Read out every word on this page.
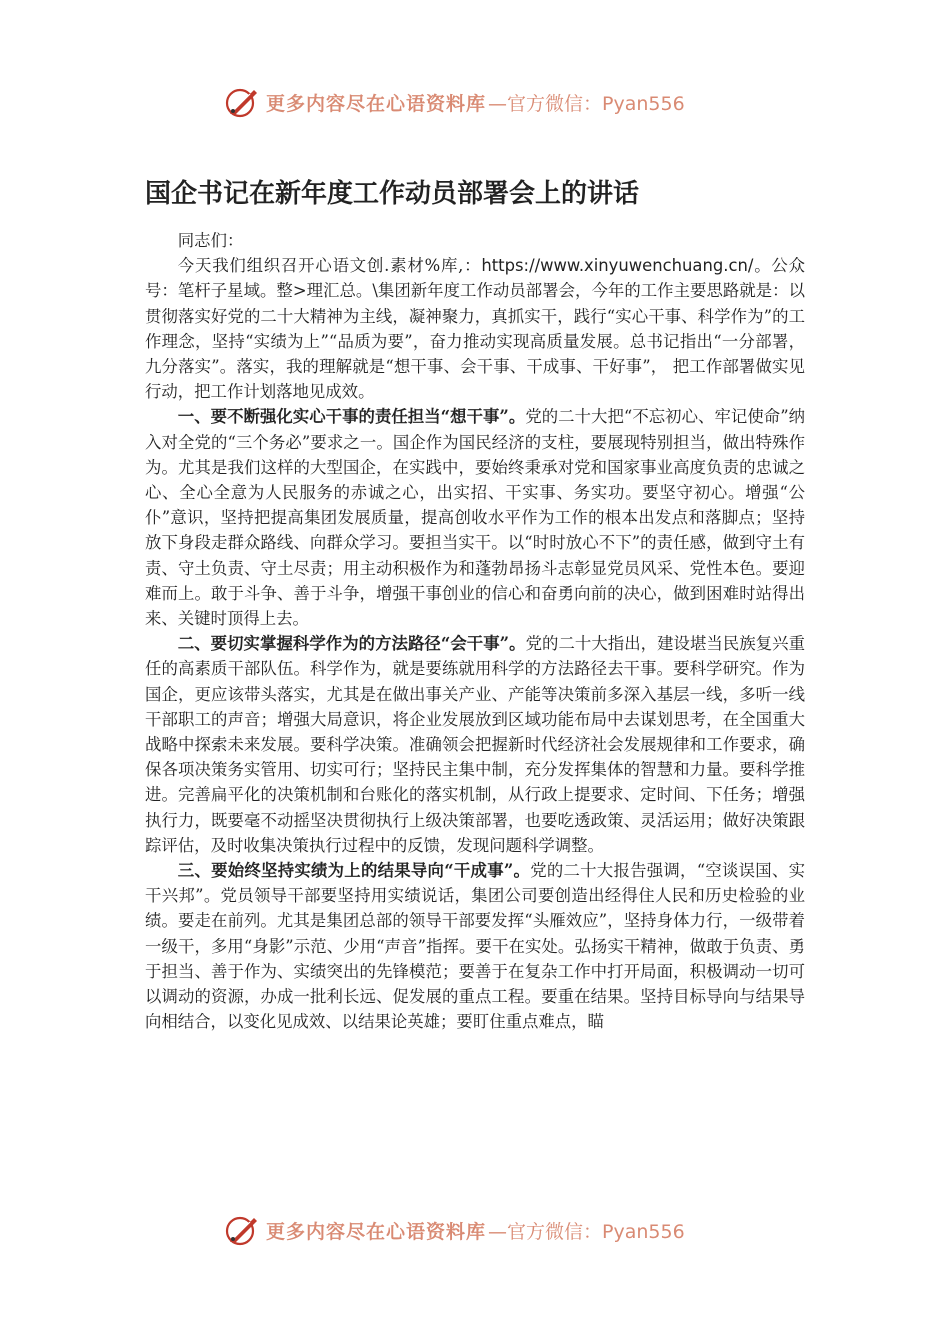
更多内容尽在心语资料库 —官方微信：Pyan556
国企书记在新年度工作动员部署会上的讲话

同志们：

今天我们组织召开心语文创.素材%库,：https://www.xinyuwenchuang.cn/。公众号：笔杆子星域。整>理汇总。\集团新年度工作动员部署会，今年的工作主要思路就是：以贯彻落实好党的二十大精神为主线，凝神聚力，真抓实干，践行“实心干事、科学作为”的工作理念，坚持“实绩为上”“品质为要”，奋力推动实现高质量发展。总书记指出“一分部署，九分落实”。落实，我的理解就是“想干事、会干事、干成事、干好事”， 把工作部署做实见行动，把工作计划落地见成效。

一、要不断强化实心干事的责任担当“想干事”。党的二十大把“不忘初心、牢记使命”纳入对全党的“三个务必”要求之一。国企作为国民经济的支柱，要展现特别担当，做出特殊作为。尤其是我们这样的大型国企，在实践中，要始终秉承对党和国家事业高度负责的忠诚之心、全心全意为人民服务的赤诚之心，出实招、干实事、务实功。要坚守初心。增强“公仆”意识，坚持把提高集团发展质量，提高创收水平作为工作的根本出发点和落脚点；坚持放下身段走群众路线、向群众学习。要担当实干。以“时时放心不下”的责任感，做到守土有责、守土负责、守土尽责；用主动积极作为和蓬勃昂扬斗志彰显党员风采、党性本色。要迎难而上。敢于斗争、善于斗争，增强干事创业的信心和奋勇向前的决心，做到困难时站得出来、关键时顶得上去。

二、要切实掌握科学作为的方法路径“会干事”。党的二十大指出，建设堪当民族复兴重任的高素质干部队伍。科学作为，就是要练就用科学的方法路径去干事。要科学研究。作为国企，更应该带头落实，尤其是在做出事关产业、产能等决策前多深入基层一线，多听一线干部职工的声音；增强大局意识，将企业发展放到区域功能布局中去谋划思考，在全国重大战略中探索未来发展。要科学决策。准确领会把握新时代经济社会发展规律和工作要求，确保各项决策务实管用、切实可行；坚持民主集中制，充分发挥集体的智慧和力量。要科学推进。完善扁平化的决策机制和台账化的落实机制，从行政上提要求、定时间、下任务；增强执行力，既要毫不动摇坚决贯彻执行上级决策部署，也要吃透政策、灵活运用；做好决策跟踪评估，及时收集决策执行过程中的反馈，发现问题科学调整。

三、要始终坚持实绩为上的结果导向“干成事”。党的二十大报告强调，“空谈误国、实干兴邦”。党员领导干部要坚持用实绩说话，集团公司要创造出经得住人民和历史检验的业绩。要走在前列。尤其是集团总部的领导干部要发挥“头雁效应”，坚持身体力行，一级带着一级干，多用“身影”示范、少用“声音”指挥。要干在实处。弘扬实干精神，做敢于负责、勇于担当、善于作为、实绩突出的先锋模范；要善于在复杂工作中打开局面，积极调动一切可以调动的资源，办成一批利长远、促发展的重点工程。要重在结果。坚持目标导向与结果导向相结合，以变化见成效、以结果论英雄；要盯住重点难点，瞄

更多内容尽在心语资料库 —官方微信：Pyan556
